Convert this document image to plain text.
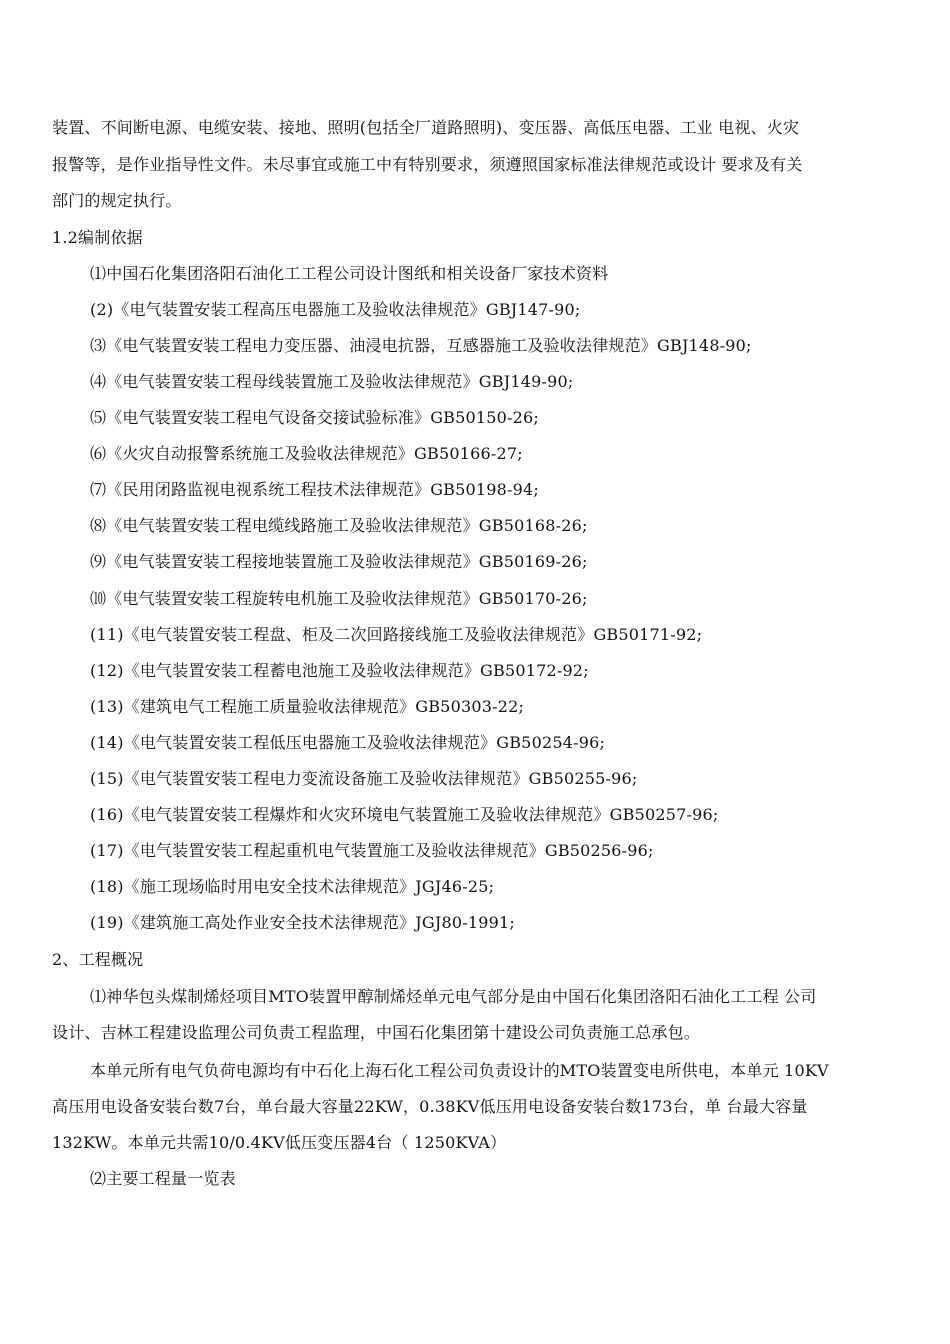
装置、不间断电源、电缆安装、接地、照明(包括全厂道路照明)、变压器、高低压电器、工业 电视、火灾
报警等，是作业指导性文件。未尽事宜或施工中有特别要求，须遵照国家标准法律规范或设计 要求及有关
部门的规定执行。
1.2编制依据
⑴中国石化集团洛阳石油化工工程公司设计图纸和相关设备厂家技术资料
(2)《电气装置安装工程高压电器施工及验收法律规范》GBJ147-90;
⑶《电气装置安装工程电力变压器、油浸电抗器，互感器施工及验收法律规范》GBJ148-90;
⑷《电气装置安装工程母线装置施工及验收法律规范》GBJ149-90;
⑸《电气装置安装工程电气设备交接试验标准》GB50150-26;
⑹《火灾自动报警系统施工及验收法律规范》GB50166-27;
⑺《民用闭路监视电视系统工程技术法律规范》GB50198-94;
⑻《电气装置安装工程电缆线路施工及验收法律规范》GB50168-26;
⑼《电气装置安装工程接地装置施工及验收法律规范》GB50169-26;
⑽《电气装置安装工程旋转电机施工及验收法律规范》GB50170-26;
(11)《电气装置安装工程盘、柜及二次回路接线施工及验收法律规范》GB50171-92;
(12)《电气装置安装工程蓄电池施工及验收法律规范》GB50172-92;
(13)《建筑电气工程施工质量验收法律规范》GB50303-22;
(14)《电气装置安装工程低压电器施工及验收法律规范》GB50254-96;
(15)《电气装置安装工程电力变流设备施工及验收法律规范》GB50255-96;
(16)《电气装置安装工程爆炸和火灾环境电气装置施工及验收法律规范》GB50257-96;
(17)《电气装置安装工程起重机电气装置施工及验收法律规范》GB50256-96;
(18)《施工现场临时用电安全技术法律规范》JGJ46-25;
(19)《建筑施工高处作业安全技术法律规范》JGJ80-1991;
2、工程概况
⑴神华包头煤制烯烃项目MTO装置甲醇制烯烃单元电气部分是由中国石化集团洛阳石油化工工程 公司
设计、吉林工程建设监理公司负责工程监理，中国石化集团第十建设公司负责施工总承包。
本单元所有电气负荷电源均有中石化上海石化工程公司负责设计的MTO装置变电所供电，本单元 10KV
高压用电设备安装台数7台，单台最大容量22KW，0.38KV低压用电设备安装台数173台，单 台最大容量
132KW。本单元共需10/0.4KV低压变压器4台（ 1250KVA）
⑵主要工程量一览表
